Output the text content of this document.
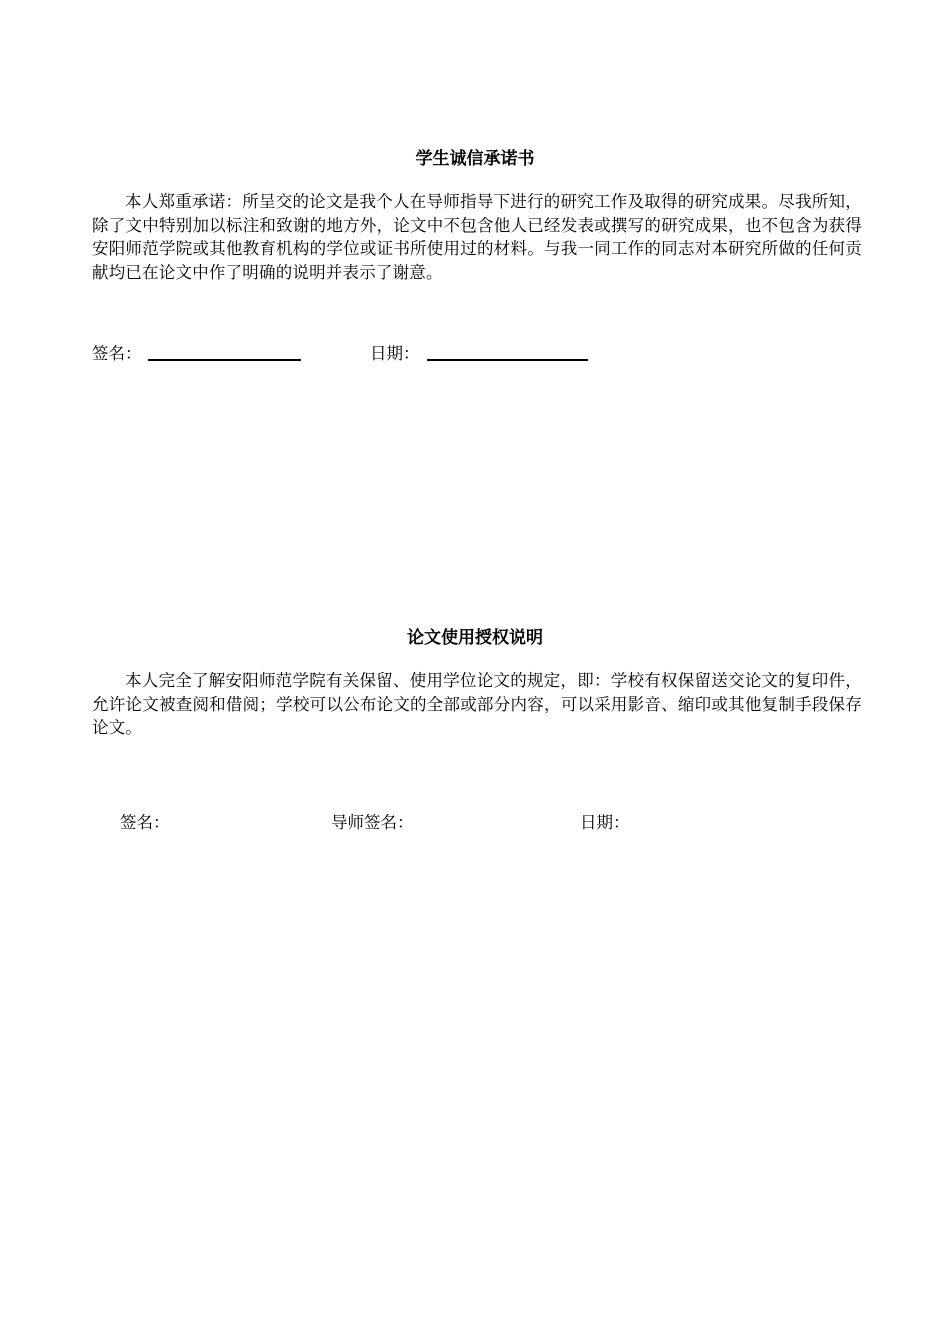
学生诚信承诺书
本人郑重承诺：所呈交的论文是我个人在导师指导下进行的研究工作及取得的研究成果。尽我所知，除了文中特别加以标注和致谢的地方外，论文中不包含他人已经发表或撰写的研究成果，也不包含为获得安阳师范学院或其他教育机构的学位或证书所使用过的材料。与我一同工作的同志对本研究所做的任何贡献均已在论文中作了明确的说明并表示了谢意。
签名：	日期：
论文使用授权说明
本人完全了解安阳师范学院有关保留、使用学位论文的规定，即：学校有权保留送交论文的复印件，允许论文被查阅和借阅；学校可以公布论文的全部或部分内容，可以采用影音、缩印或其他复制手段保存论文。
签名：	导师签名：	日期：
